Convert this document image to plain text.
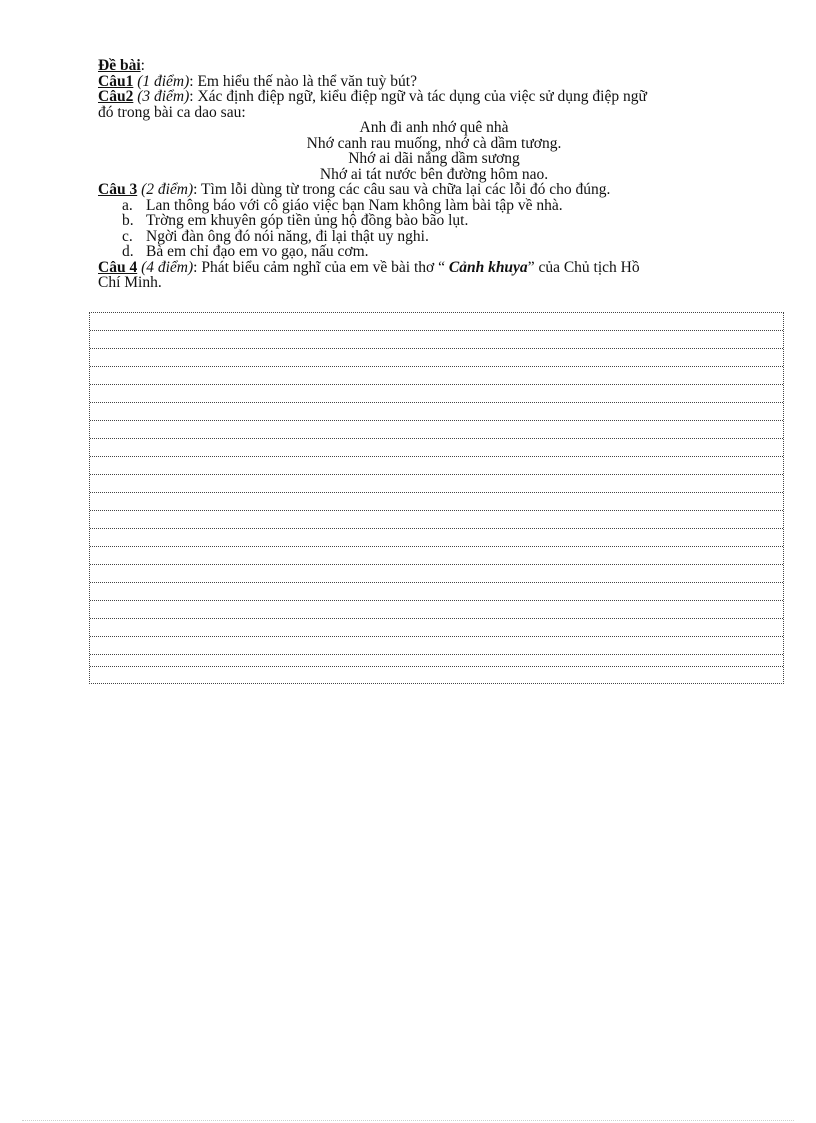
Đề bài:
Câu1 (1 điểm): Em hiểu thế nào là thể văn tuỳ bút?
Câu2 (3 điểm): Xác định điệp ngữ, kiểu điệp ngữ và tác dụng của việc sử dụng điệp ngữ
đó trong bài ca dao sau:
Anh đi anh nhớ quê nhà
Nhớ canh rau muống, nhớ cà dầm tương.
Nhớ ai dãi nắng dầm sương
Nhớ ai tát nước bên đường hôm nao.
Câu 3 (2 điểm): Tìm lỗi dùng từ trong các câu sau và chữa lại các lỗi đó cho đúng.
a. Lan thông báo với cô giáo việc bạn Nam không làm bài tập về nhà.
b. Trờng em khuyên góp tiền ủng hộ đồng bào bão lụt.
c. Ngời đàn ông đó nói năng, đi lại thật uy nghi.
d. Bà em chỉ đạo em vo gạo, nấu cơm.
Câu 4 (4 điểm): Phát biểu cảm nghĩ của em về bài thơ “ Cảnh khuya” của Chủ tịch Hồ
Chí Minh.
